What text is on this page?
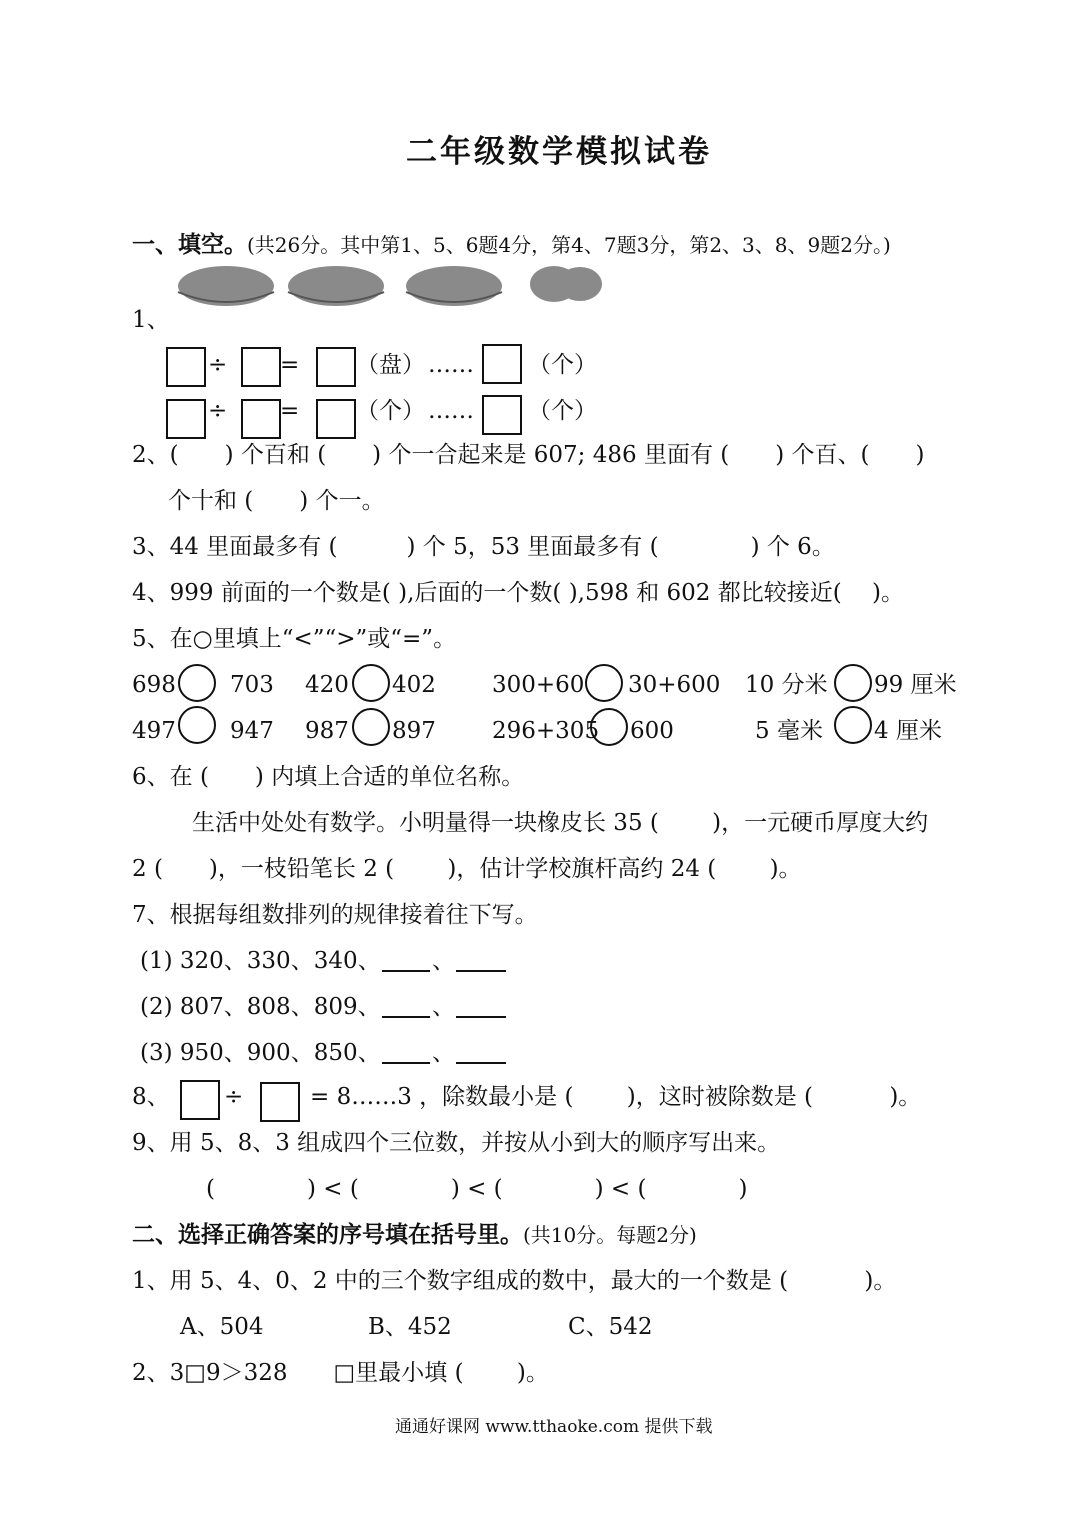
二年级数学模拟试卷
一、填空。(共26分。其中第1、5、6题4分，第4、7题3分，第2、3、8、9题2分。)
1、
÷ = （盘） …… （个）
÷ = （个） …… （个）
2、(　　) 个百和 (　　) 个一合起来是 607; 486 里面有 (　　) 个百、(　　)
个十和 (　　) 个一。
3、44 里面最多有 (　　　) 个 5，53 里面最多有 (　　　　) 个 6。
4、999 前面的一个数是( ),后面的一个数( ),598 和 602 都比较接近(　 )。
5、在○里填上“<”“>”或“=”。
698 703 420 402 300+60 30+600 10 分米 99 厘米
497 947 987 897 296+305 600	5 毫米 4 厘米
6、在 (　　) 内填上合适的单位名称。
生活中处处有数学。小明量得一块橡皮长 35 (　　 )，一元硬币厚度大约
2 (　　)，一枝铅笔长 2 (　　 )，估计学校旗杆高约 24 (　　 )。
7、根据每组数排列的规律接着往下写。
(1) 320、330、340、 、
(2) 807、808、809、 、
(3) 950、900、850、 、
8、 ÷	= 8……3 ，除数最小是 (　　 )，这时被除数是 (　　　 )。
9、用 5、8、3 组成四个三位数，并按从小到大的顺序写出来。
(　　　　) < (　　　　) < (　　　　) < (　　　　)
二、选择正确答案的序号填在括号里。(共10分。每题2分)
1、用 5、4、0、2 中的三个数字组成的数中，最大的一个数是 (　　　 )。
A、504	B、452	C、542
2、3□9＞328　　□里最小填 (　　 )。
通通好课网 www.tthaoke.com 提供下载
